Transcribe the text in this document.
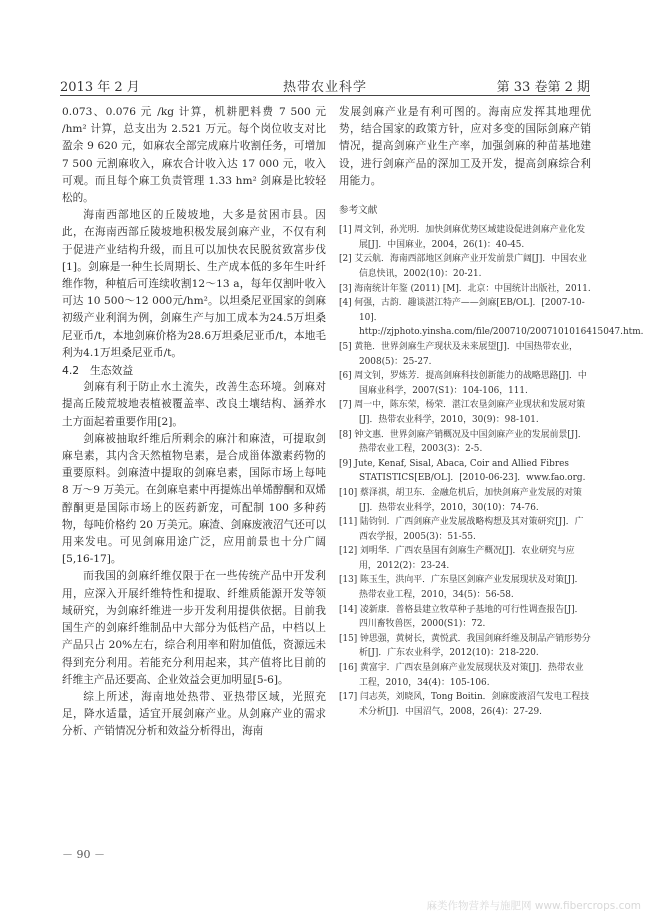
2013 年 2 月	热带农业科学	第 33 卷第 2 期

0.073、0.076 元 /kg 计算，机耕肥料费 7 500 元 /hm² 计算，总支出为 2.521 万元。每个岗位收支对比盈余 9 620 元，如麻农全部完成麻片收割任务，可增加 7 500 元割麻收入，麻农合计收入达 17 000 元，收入可观。而且每个麻工负责管理 1.33 hm² 剑麻是比较轻松的。

海南西部地区的丘陵坡地，大多是贫困市县。因此，在海南西部丘陵坡地积极发展剑麻产业，不仅有利于促进产业结构升级，而且可以加快农民脱贫致富步伐[1]。剑麻是一种生长周期长、生产成本低的多年生叶纤维作物，种植后可连续收割12～13 a，每年仅割叶收入可达 10 500～12 000元/hm²。以坦桑尼亚国家的剑麻初级产业利润为例，剑麻生产与加工成本为24.5万坦桑尼亚币/t，本地剑麻价格为28.6万坦桑尼亚币/t，本地毛利为4.1万坦桑尼亚币/t。

4.2　生态效益

剑麻有利于防止水土流失，改善生态环境。剑麻对提高丘陵荒坡地表植被覆盖率、改良土壤结构、涵养水土方面起着重要作用[2]。

剑麻被抽取纤维后所剩余的麻汁和麻渣，可提取剑麻皂素，其内含天然植物皂素，是合成甾体激素药物的重要原料。剑麻渣中提取的剑麻皂素，国际市场上每吨 8 万～9 万美元。在剑麻皂素中再提炼出单烯醇酮和双烯醇酮更是国际市场上的医药新宠，可配制 100 多种药物，每吨价格约 20 万美元。麻渣、剑麻废液沼气还可以用来发电。可见剑麻用途广泛，应用前景也十分广阔[5,16-17]。

而我国的剑麻纤维仅限于在一些传统产品中开发利用，应深入开展纤维特性和提取、纤维质能源开发等领域研究，为剑麻纤维进一步开发利用提供依据。目前我国生产的剑麻纤维制品中大部分为低档产品，中档以上产品只占 20%左右，综合利用率和附加值低，资源远未得到充分利用。若能充分利用起来，其产值将比目前的纤维主产品还要高、企业效益会更加明显[5-6]。

综上所述，海南地处热带、亚热带区域，光照充足，降水适量，适宜开展剑麻产业。从剑麻产业的需求分析、产销情况分析和效益分析得出，海南

发展剑麻产业是有利可图的。海南应发挥其地理优势，结合国家的政策方针，应对多变的国际剑麻产销情况，提高剑麻产业生产率，加强剑麻的种苗基地建设，进行剑麻产品的深加工及开发，提高剑麻综合利用能力。

参考文献

[1] 周文钊，孙光明．加快剑麻优势区域建设促进剑麻产业化发展[J]．中国麻业，2004，26(1)：40-45.
[2] 艾云航．海南西部地区剑麻产业开发前景广阔[J]．中国农业信息快讯，2002(10)：20-21.
[3] 海南统计年鉴 (2011) [M]．北京：中国统计出版社，2011.
[4] 何强，古韵．趣谈湛江特产——剑麻[EB/OL]．[2007-10-10]．http://zjphoto.yinsha.com/file/200710/2007101016415047.htm.
[5] 黄艳．世界剑麻生产现状及未来展望[J]．中国热带农业，2008(5)：25-27.
[6] 周文钊，罗炼芳．提高剑麻科技创新能力的战略思路[J]．中国麻业科学，2007(S1)：104-106，111.
[7] 周一中，陈东荣，杨荣．湛江农垦剑麻产业现状和发展对策[J]．热带农业科学，2010，30(9)：98-101.
[8] 钟文惠．世界剑麻产销概况及中国剑麻产业的发展前景[J]．热带农业工程，2003(3)：2-5.
[9] Jute, Kenaf, Sisal, Abaca, Coir and Allied Fibres STATISTICS[EB/OL]．[2010-06-23]．www.fao.org.
[10] 蔡泽祺，胡卫东．金融危机后，加快剑麻产业发展的对策[J]．热带农业科学，2010，30(10)：74-76.
[11] 陆钧钊．广西剑麻产业发展战略构想及其对策研究[J]．广西农学报，2005(3)：51-55.
[12] 刘明华．广西农垦国有剑麻生产概况[J]．农业研究与应用，2012(2)：23-24.
[13] 陈玉生，洪向平．广东垦区剑麻产业发展现状及对策[J]．热带农业工程，2010，34(5)：56-58.
[14] 凌新康．普格县建立牧草种子基地的可行性调查报告[J]．四川畜牧兽医，2000(S1)：72.
[15] 钟思强，黄树长，黄悦武．我国剑麻纤维及制品产销形势分析[J]．广东农业科学，2012(10)：218-220.
[16] 黄富宇．广西农垦剑麻产业发展现状及对策[J]．热带农业工程，2010，34(4)：105-106.
[17] 闫志英，刘晓风，Tong Boitin．剑麻废液沼气发电工程技术分析[J]．中国沼气，2008，26(4)：27-29.
－ 90 －
麻类作物营养与施肥网 www.fibercrops.com
